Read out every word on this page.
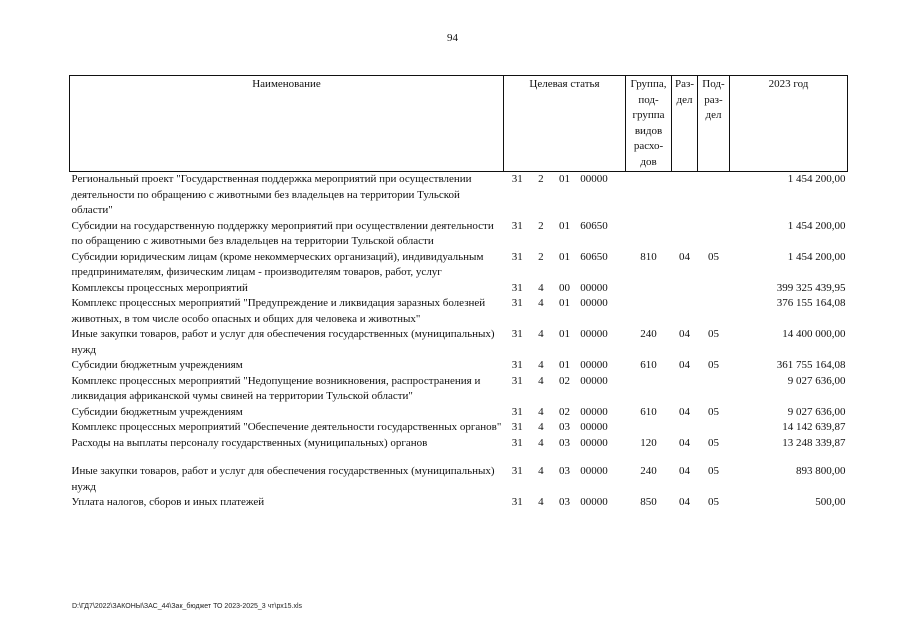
94
Наименование	Целевая статья	Группа, под- группа видов расхо- дов	Раз- дел	Под- раз- дел	2023 год
Региональный проект "Государственная поддержка мероприятий при осуществлении деятельности по обращению с животными без владельцев на территории Тульской области"	31 2 01 00000				1 454 200,00
Субсидии на государственную поддержку мероприятий при осуществлении деятельности по обращению с животными без владельцев на территории Тульской области	31 2 01 60650				1 454 200,00
Субсидии юридическим лицам (кроме некоммерческих организаций), индивидуальным предпринимателям, физическим лицам - производителям товаров, работ, услуг	31 2 01 60650	810	04	05	1 454 200,00
Комплексы процессных мероприятий	31 4 00 00000				399 325 439,95
Комплекс процессных мероприятий "Предупреждение и ликвидация заразных болезней животных, в том числе особо опасных и общих для человека и животных"	31 4 01 00000				376 155 164,08
Иные закупки товаров, работ и услуг для обеспечения государственных (муниципальных) нужд	31 4 01 00000	240	04	05	14 400 000,00
Субсидии бюджетным учреждениям	31 4 01 00000	610	04	05	361 755 164,08
Комплекс процессных мероприятий "Недопущение возникновения, распространения и ликвидация африканской чумы свиней на территории Тульской области"	31 4 02 00000				9 027 636,00
Субсидии бюджетным учреждениям	31 4 02 00000	610	04	05	9 027 636,00
Комплекс процессных мероприятий "Обеспечение деятельности государственных органов"	31 4 03 00000				14 142 639,87
Расходы на выплаты персоналу государственных (муниципальных) органов	31 4 03 00000	120	04	05	13 248 339,87
Иные закупки товаров, работ и услуг для обеспечения государственных (муниципальных) нужд	31 4 03 00000	240	04	05	893 800,00
Уплата налогов, сборов и иных платежей	31 4 03 00000	850	04	05	500,00
D:\ГД7\2022\ЗАКОНЫ\ЗАС_44\Зак_бюджет ТО 2023-2025_3 чт\рх15.xls
